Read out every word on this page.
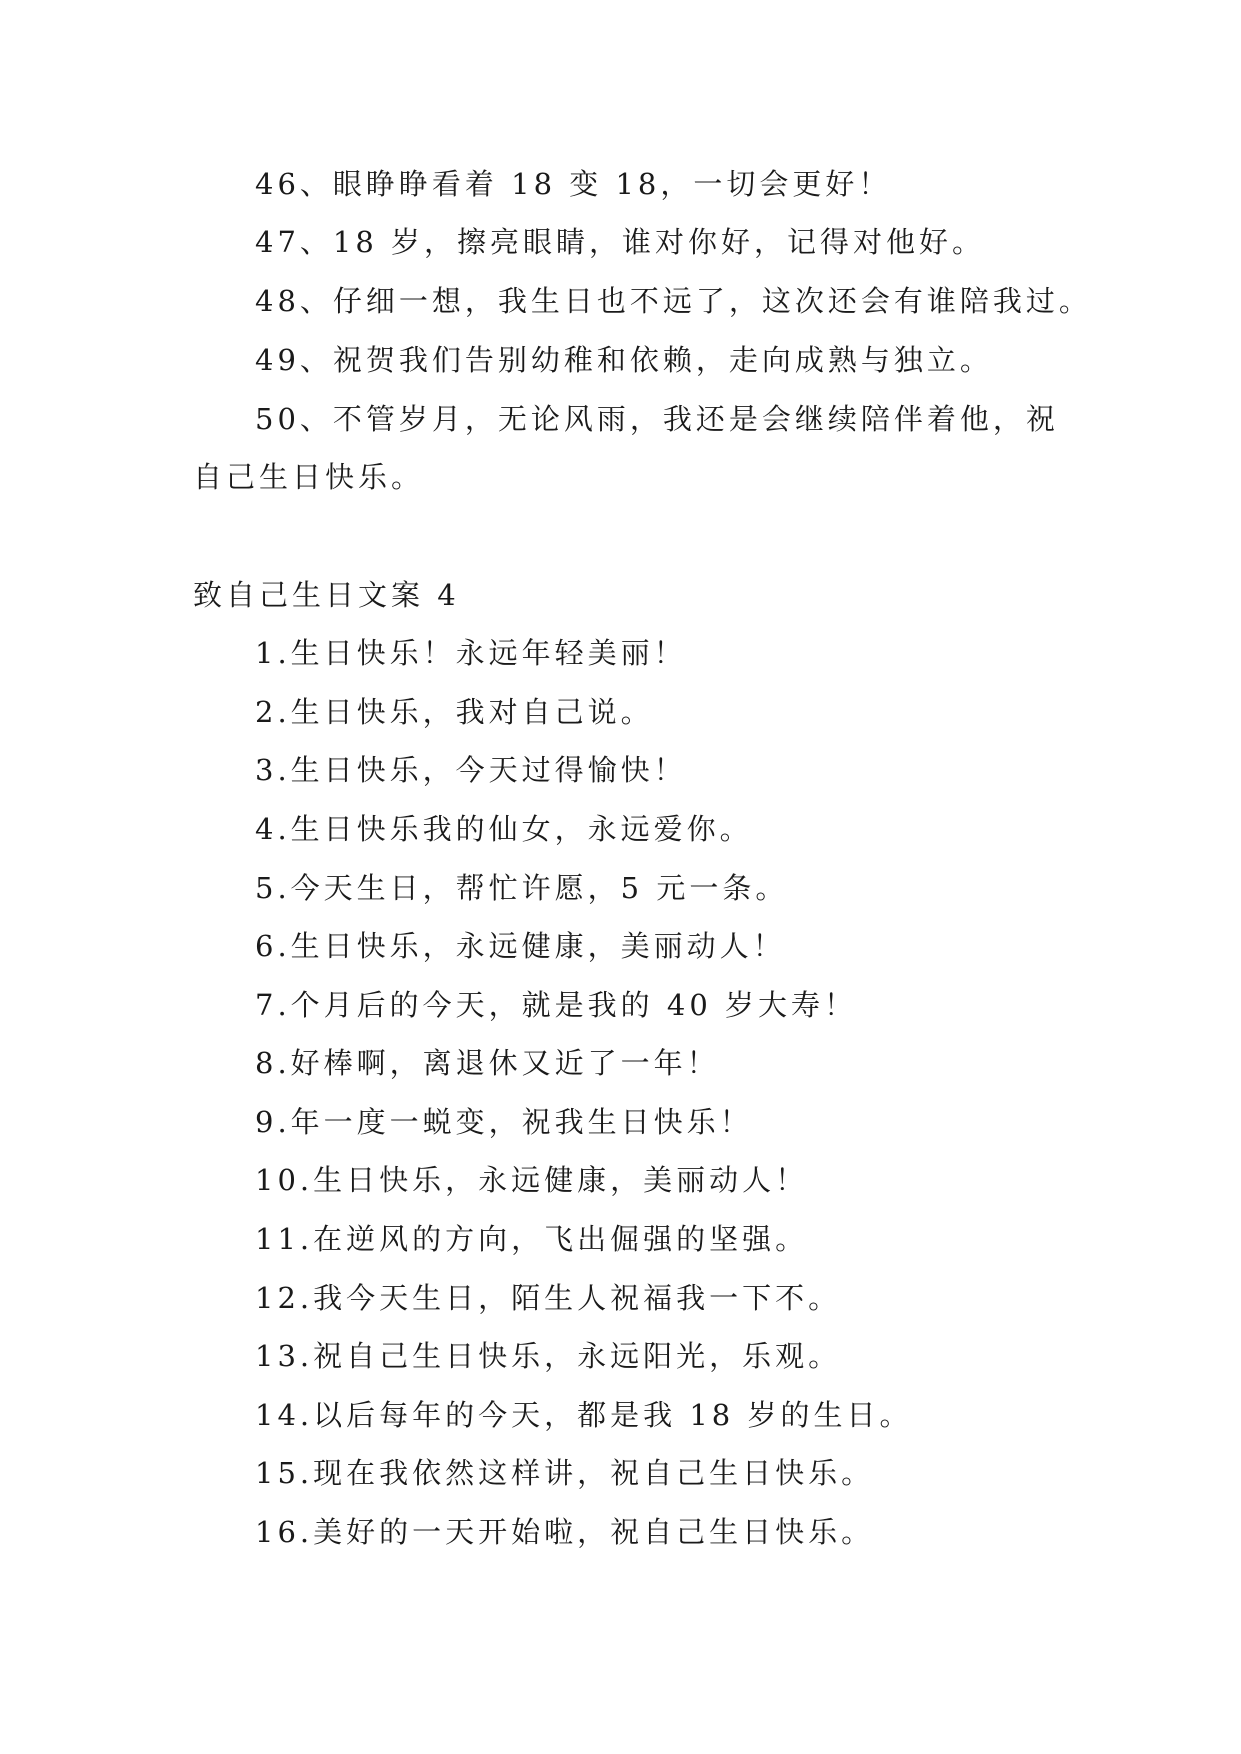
46、眼睁睁看着 18 变 18，一切会更好！
47、18 岁，擦亮眼睛，谁对你好，记得对他好。
48、仔细一想，我生日也不远了，这次还会有谁陪我过。
49、祝贺我们告别幼稚和依赖，走向成熟与独立。
50、不管岁月，无论风雨，我还是会继续陪伴着他，祝
自己生日快乐。
致自己生日文案 4
1.生日快乐！永远年轻美丽！
2.生日快乐，我对自己说。
3.生日快乐，今天过得愉快！
4.生日快乐我的仙女，永远爱你。
5.今天生日，帮忙许愿，5 元一条。
6.生日快乐，永远健康，美丽动人！
7.个月后的今天，就是我的 40 岁大寿！
8.好棒啊，离退休又近了一年！
9.年一度一蜕变，祝我生日快乐！
10.生日快乐，永远健康，美丽动人！
11.在逆风的方向，飞出倔强的坚强。
12.我今天生日，陌生人祝福我一下不。
13.祝自己生日快乐，永远阳光，乐观。
14.以后每年的今天，都是我 18 岁的生日。
15.现在我依然这样讲，祝自己生日快乐。
16.美好的一天开始啦，祝自己生日快乐。
